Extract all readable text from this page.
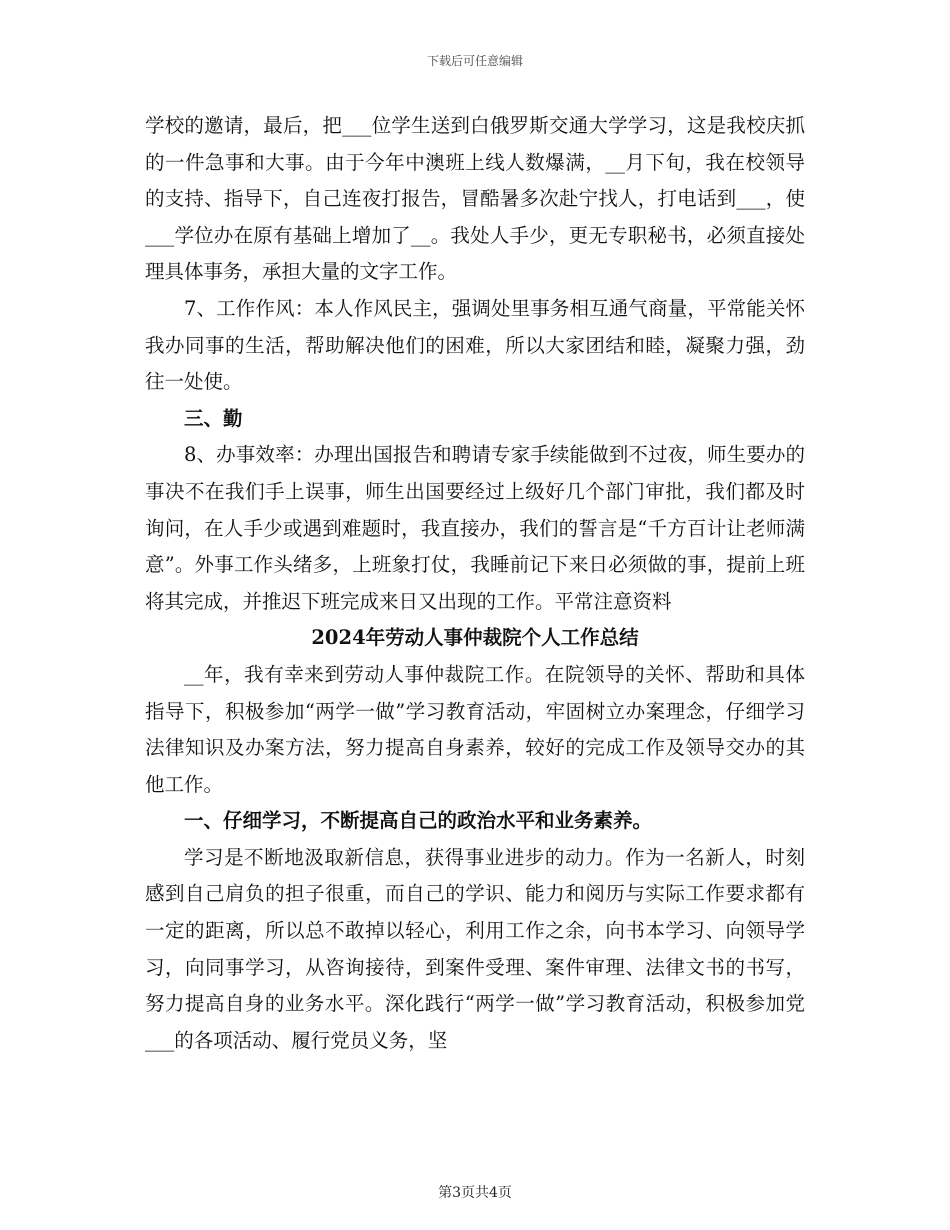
下载后可任意编辑

学校的邀请，最后，把___位学生送到白俄罗斯交通大学学习，这是我校庆抓的一件急事和大事。由于今年中澳班上线人数爆满，__月下旬，我在校领导的支持、指导下，自己连夜打报告，冒酷暑多次赴宁找人，打电话到___，使___学位办在原有基础上增加了__。我处人手少，更无专职秘书，必须直接处理具体事务，承担大量的文字工作。

7、工作作风：本人作风民主，强调处里事务相互通气商量，平常能关怀我办同事的生活，帮助解决他们的困难，所以大家团结和睦，凝聚力强，劲往一处使。

三、勤

8、办事效率：办理出国报告和聘请专家手续能做到不过夜，师生要办的事决不在我们手上误事，师生出国要经过上级好几个部门审批，我们都及时询问，在人手少或遇到难题时，我直接办，我们的誓言是“千方百计让老师满意”。外事工作头绪多，上班象打仗，我睡前记下来日必须做的事，提前上班将其完成，并推迟下班完成来日又出现的工作。平常注意资料

2024年劳动人事仲裁院个人工作总结

__年，我有幸来到劳动人事仲裁院工作。在院领导的关怀、帮助和具体指导下，积极参加“两学一做”学习教育活动，牢固树立办案理念，仔细学习法律知识及办案方法，努力提高自身素养，较好的完成工作及领导交办的其他工作。

一、仔细学习，不断提高自己的政治水平和业务素养。

学习是不断地汲取新信息，获得事业进步的动力。作为一名新人，时刻感到自己肩负的担子很重，而自己的学识、能力和阅历与实际工作要求都有一定的距离，所以总不敢掉以轻心，利用工作之余，向书本学习、向领导学习，向同事学习，从咨询接待，到案件受理、案件审理、法律文书的书写，努力提高自身的业务水平。深化践行“两学一做”学习教育活动，积极参加党___的各项活动、履行党员义务，坚

第3页共4页
